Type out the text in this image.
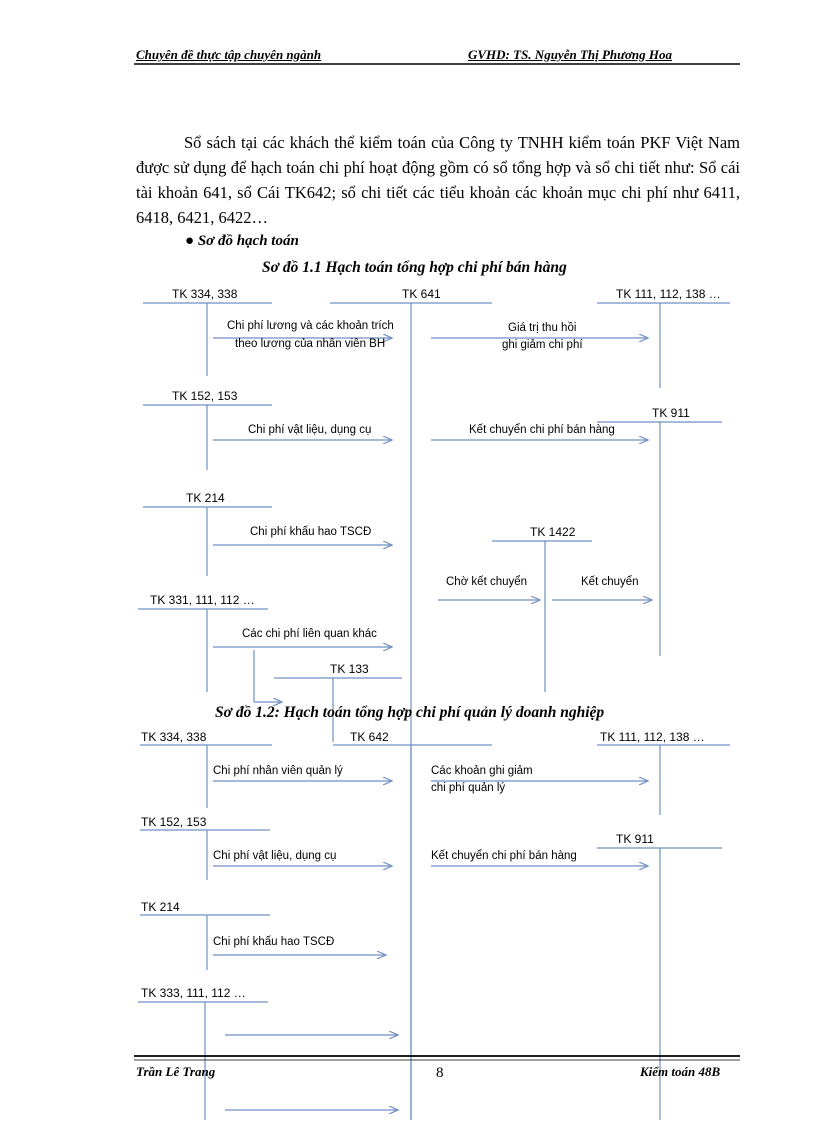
Chuyên đề thực tập chuyên ngành	GVHD: TS. Nguyễn Thị Phương Hoa

Sổ sách tại các khách thể kiểm toán của Công ty TNHH kiểm toán PKF Việt Nam được sử dụng để hạch toán chi phí hoạt động gồm có sổ tổng hợp và sổ chi tiết như: Sổ cái tài khoản 641, sổ Cái TK642; sổ chi tiết các tiểu khoản các khoản mục chi phí như 6411, 6418, 6421, 6422…

● Sơ đồ hạch toán
Sơ đồ 1.1 Hạch toán tổng hợp chi phí bán hàng
TK 334, 338	TK 641	TK 111, 112, 138 …
TK 152, 153
TK 911
TK 214
TK 1422
TK 331, 111, 112 …
TK 133
Chi phí lương và các khoản trích
theo lương của nhân viên BH
Giá trị thu hồi
ghi giảm chi phí
Chi phí vật liệu, dụng cụ	Kết chuyển chi phí bán hàng
Chi phí khấu hao TSCĐ
Chờ kết chuyển	Kết chuyển
Các chi phí liên quan khác
Sơ đồ 1.2: Hạch toán tổng hợp chi phí quản lý doanh nghiệp
TK 334, 338	TK 642	TK 111, 112, 138 …
TK 152, 153
TK 911
TK 214
TK 333, 111, 112 …
Chi phí nhân viên quản lý	Các khoản ghi giảm
chi phí quản lý
Chi phí vật liệu, dụng cụ	Kết chuyển chi phí bán hàng
Chi phí khấu hao TSCĐ
Trần Lê Trang	8	Kiểm toán 48B
